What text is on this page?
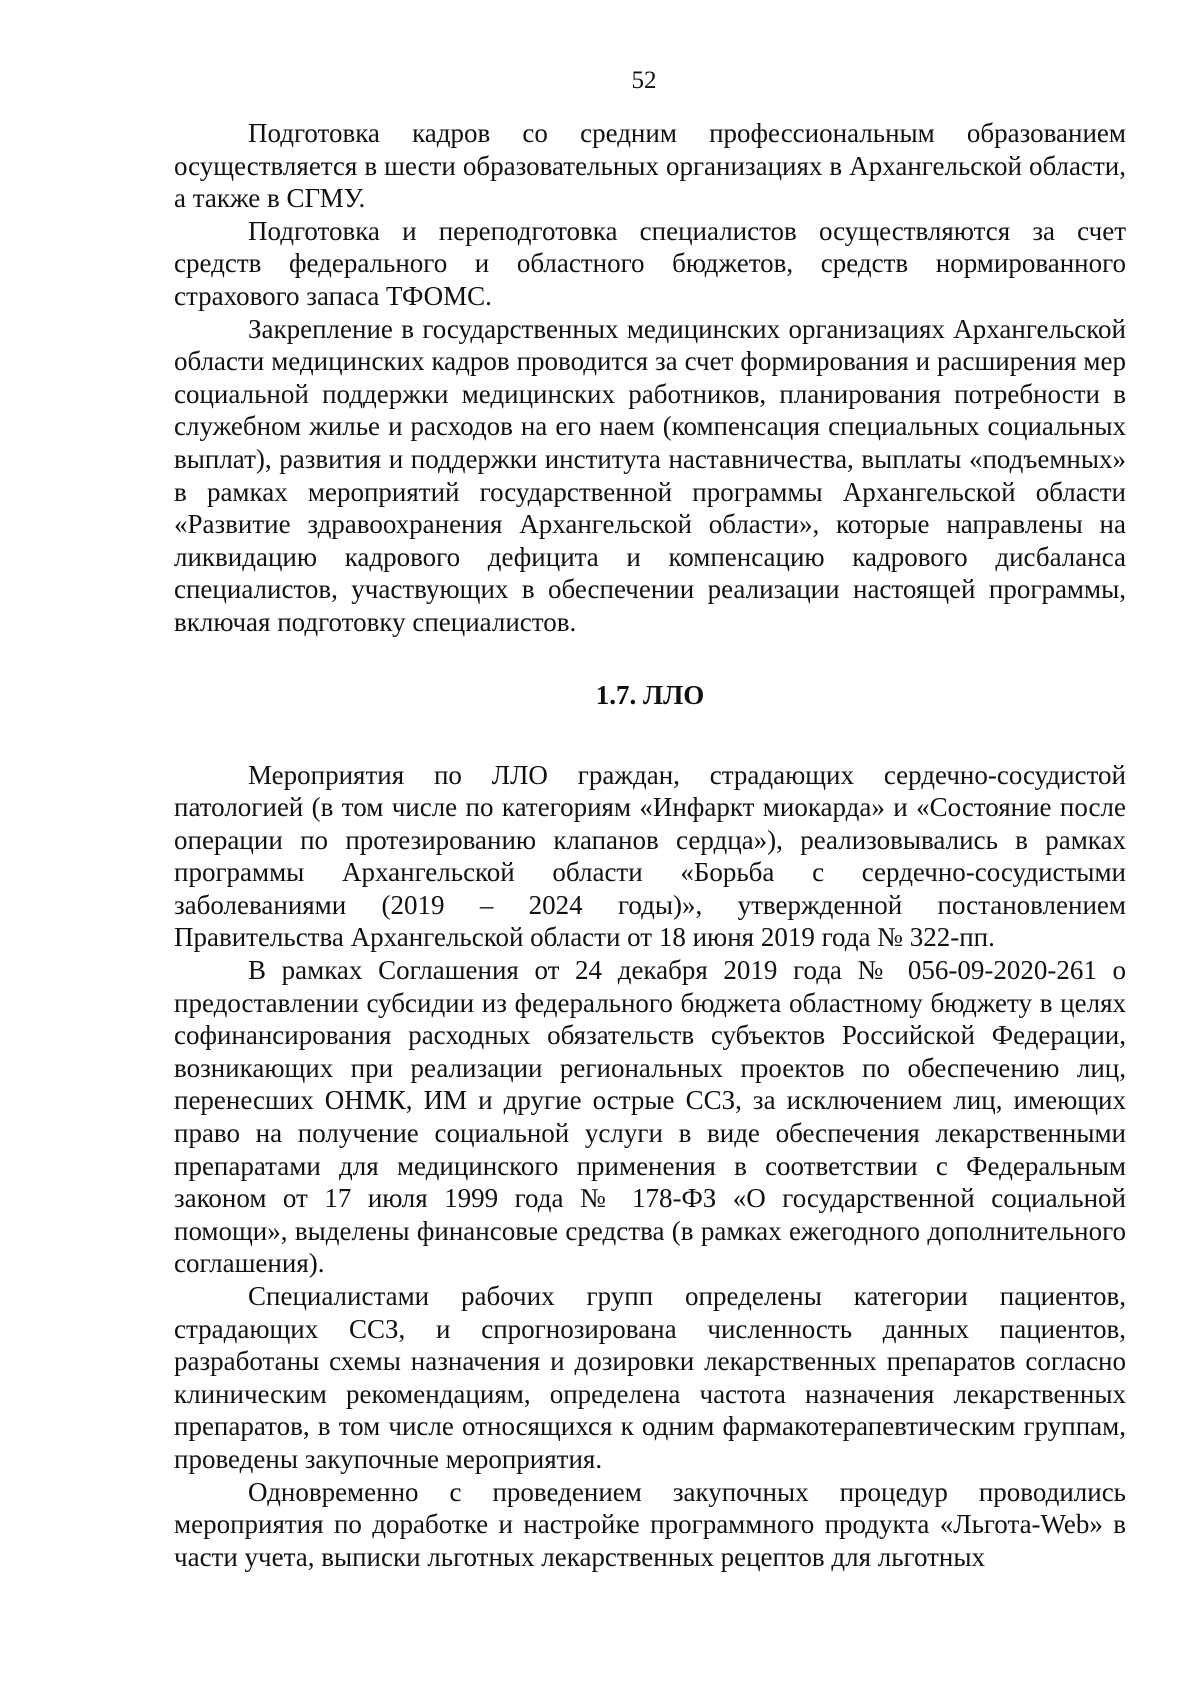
52

Подготовка кадров со средним профессиональным образованием осуществляется в шести образовательных организациях в Архангельской области, а также в СГМУ.

Подготовка и переподготовка специалистов осуществляются за счет средств федерального и областного бюджетов, средств нормированного страхового запаса ТФОМС.

Закрепление в государственных медицинских организациях Архангельской области медицинских кадров проводится за счет формирования и расширения мер социальной поддержки медицинских работников, планирования потребности в служебном жилье и расходов на его наем (компенсация специальных социальных выплат), развития и поддержки института наставничества, выплаты «подъемных» в рамках мероприятий государственной программы Архангельской области «Развитие здравоохранения Архангельской области», которые направлены на ликвидацию кадрового дефицита и компенсацию кадрового дисбаланса специалистов, участвующих в обеспечении реализации настоящей программы, включая подготовку специалистов.

1.7. ЛЛО

Мероприятия по ЛЛО граждан, страдающих сердечно-сосудистой патологией (в том числе по категориям «Инфаркт миокарда» и «Состояние после операции по протезированию клапанов сердца»), реализовывались в рамках программы Архангельской области «Борьба с сердечно-сосудистыми заболеваниями (2019 – 2024 годы)», утвержденной постановлением Правительства Архангельской области от 18 июня 2019 года № 322-пп.

В рамках Соглашения от 24 декабря 2019 года № 056-09-2020-261 о предоставлении субсидии из федерального бюджета областному бюджету в целях софинансирования расходных обязательств субъектов Российской Федерации, возникающих при реализации региональных проектов по обеспечению лиц, перенесших ОНМК, ИМ и другие острые ССЗ, за исключением лиц, имеющих право на получение социальной услуги в виде обеспечения лекарственными препаратами для медицинского применения в соответствии с Федеральным законом от 17 июля 1999 года № 178-ФЗ «О государственной социальной помощи», выделены финансовые средства (в рамках ежегодного дополнительного соглашения).

Специалистами рабочих групп определены категории пациентов, страдающих ССЗ, и спрогнозирована численность данных пациентов, разработаны схемы назначения и дозировки лекарственных препаратов согласно клиническим рекомендациям, определена частота назначения лекарственных препаратов, в том числе относящихся к одним фармакотерапевтическим группам, проведены закупочные мероприятия.

Одновременно с проведением закупочных процедур проводились мероприятия по доработке и настройке программного продукта «Льгота-Web» в части учета, выписки льготных лекарственных рецептов для льготных
